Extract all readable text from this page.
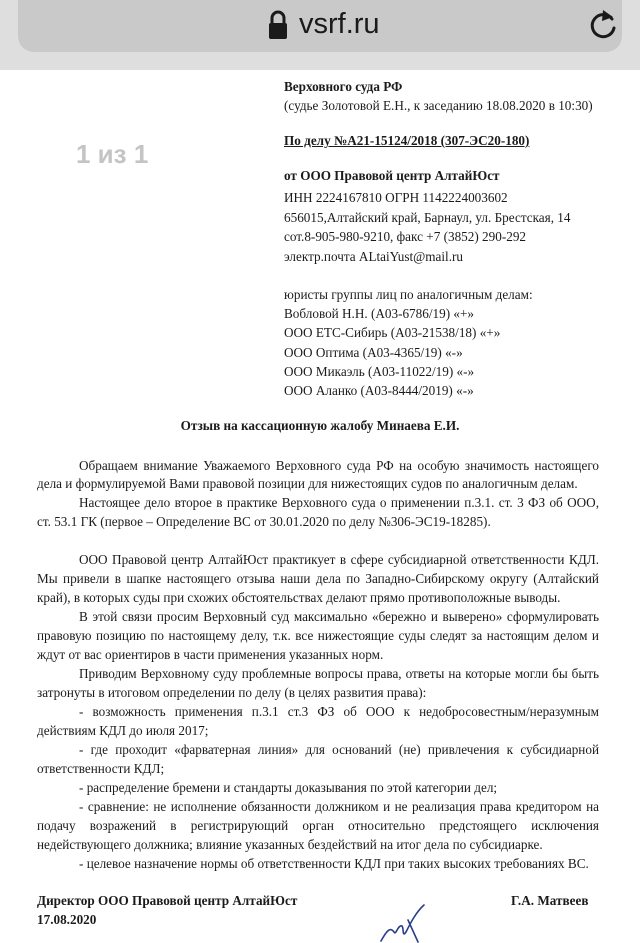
vsrf.ru
1 из 1
Верховного суда РФ
(судье Золотовой Е.Н., к заседанию 18.08.2020 в 10:30)
По делу №А21-15124/2018 (307-ЭС20-180)
от ООО Правовой центр АлтайЮст
ИНН 2224167810 ОГРН 1142224003602
656015,Алтайский край, Барнаул, ул. Брестская, 14
сот.8-905-980-9210, факс +7 (3852) 290-292
электр.почта ALtaiYust@mail.ru
юристы группы лиц по аналогичным делам:
Вобловой Н.Н. (А03-6786/19) «+»
ООО ЕТС-Сибирь (А03-21538/18) «+»
ООО Оптима (А03-4365/19) «-»
ООО Микаэль (А03-11022/19) «-»
ООО Аланко (А03-8444/2019) «-»
Отзыв на кассационную жалобу Минаева Е.И.
Обращаем внимание Уважаемого Верховного суда РФ на особую значимость настоящего
дела и формулируемой Вами правовой позиции для нижестоящих судов по аналогичным делам.
Настоящее дело второе в практике Верховного суда о применении п.3.1. ст. 3 ФЗ об ООО,
ст. 53.1 ГК (первое – Определение ВС от 30.01.2020 по делу №306-ЭС19-18285).
ООО Правовой центр АлтайЮст практикует в сфере субсидиарной ответственности КДЛ.
Мы привели в шапке настоящего отзыва наши дела по Западно-Сибирскому округу (Алтайский
край), в которых суды при схожих обстоятельствах делают прямо противоположные выводы.
В этой связи просим Верховный суд максимально «бережно и выверено» сформулировать
правовую позицию по настоящему делу, т.к. все нижестоящие суды следят за настоящим делом и
ждут от вас ориентиров в части применения указанных норм.
Приводим Верховному суду проблемные вопросы права, ответы на которые могли бы быть
затронуты в итоговом определении по делу (в целях развития права):
- возможность применения п.3.1 ст.3 ФЗ об ООО к недобросовестным/неразумным
действиям КДЛ до июля 2017;
- где проходит «фарватерная линия» для оснований (не) привлечения к субсидиарной
ответственности КДЛ;
- распределение бремени и стандарты доказывания по этой категории дел;
- сравнение: не исполнение обязанности должником и не реализация права кредитором на
подачу возражений в регистрирующий орган относительно предстоящего исключения
недействующего должника; влияние указанных бездействий на итог дела по субсидиарке.
- целевое назначение нормы об ответственности КДЛ при таких высоких требованиях ВС.
Директор ООО Правовой центр АлтайЮст
17.08.2020
Г.А. Матвеев
